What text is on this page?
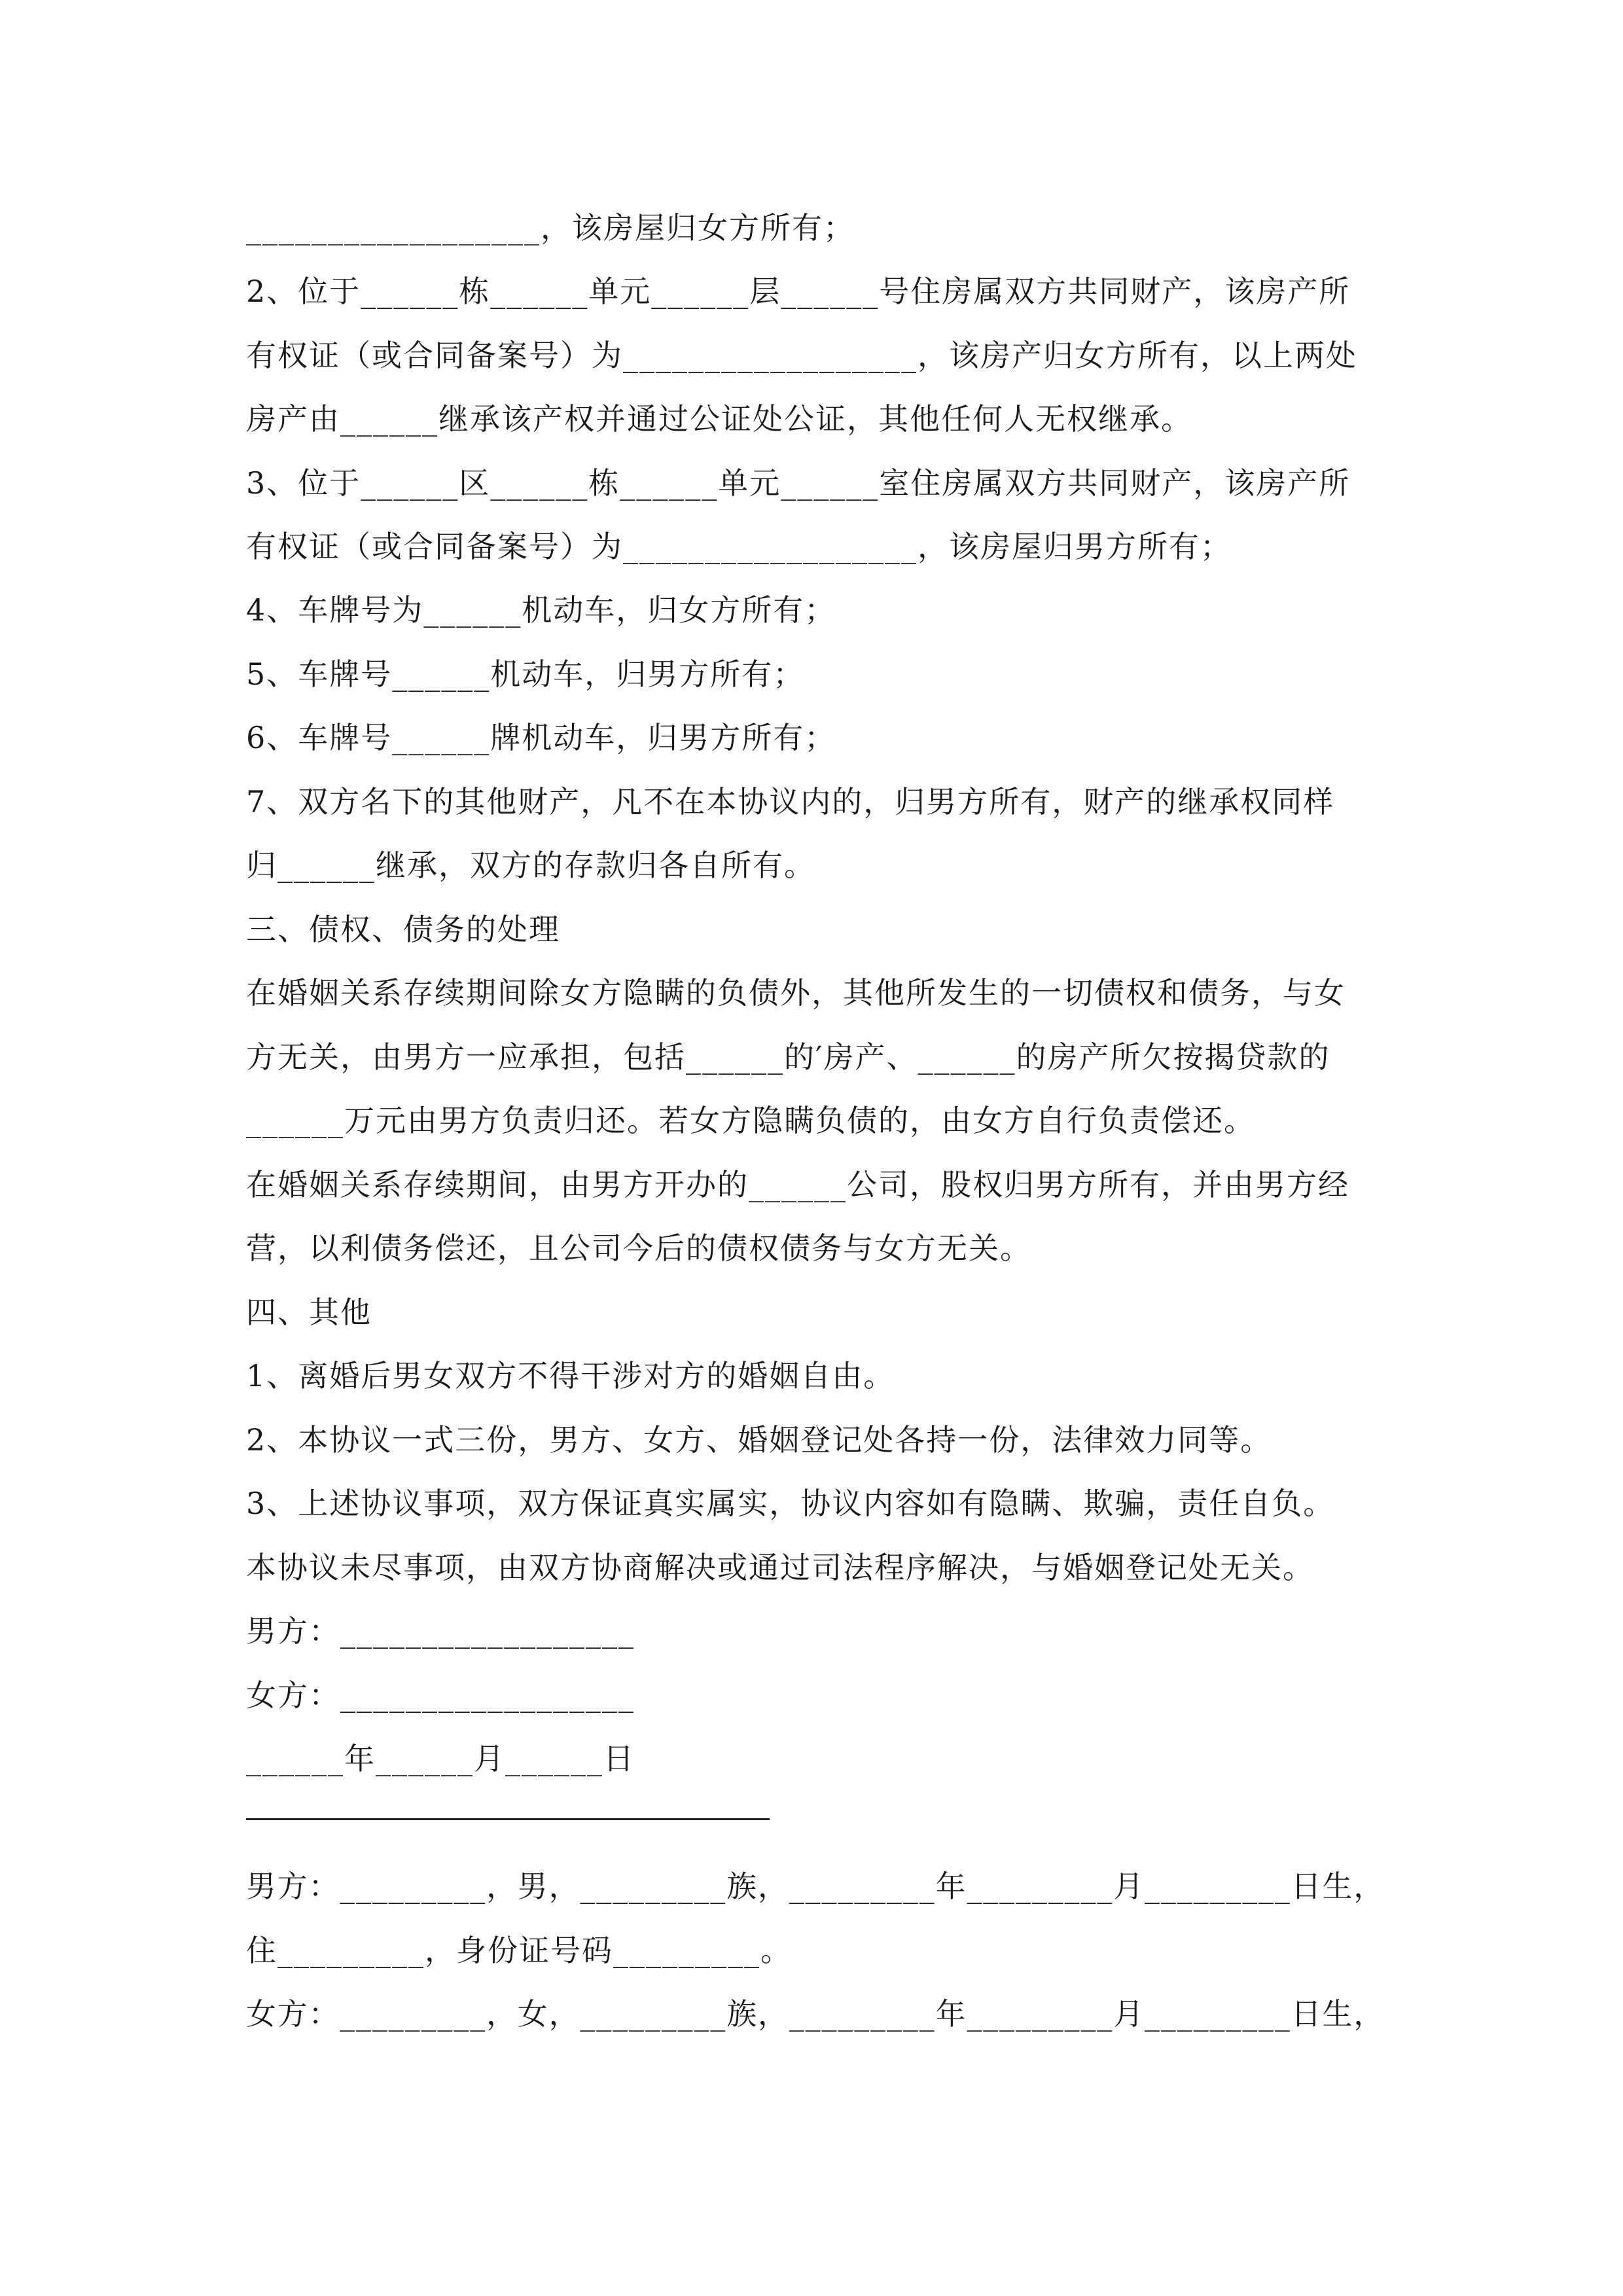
__________________，该房屋归女方所有；
2、位于______栋______单元______层______号住房属双方共同财产，该房产所
有权证（或合同备案号）为__________________，该房产归女方所有，以上两处
房产由______继承该产权并通过公证处公证，其他任何人无权继承。
3、位于______区______栋______单元______室住房属双方共同财产，该房产所
有权证（或合同备案号）为__________________，该房屋归男方所有；
4、车牌号为______机动车，归女方所有；
5、车牌号______机动车，归男方所有；
6、车牌号______牌机动车，归男方所有；
7、双方名下的其他财产，凡不在本协议内的，归男方所有，财产的继承权同样
归______继承，双方的存款归各自所有。
三、债权、债务的处理
在婚姻关系存续期间除女方隐瞒的负债外，其他所发生的一切债权和债务，与女
方无关，由男方一应承担，包括______的′房产、______的房产所欠按揭贷款的
______万元由男方负责归还。若女方隐瞒负债的，由女方自行负责偿还。
在婚姻关系存续期间，由男方开办的______公司，股权归男方所有，并由男方经
营，以利债务偿还，且公司今后的债权债务与女方无关。
四、其他
1、离婚后男女双方不得干涉对方的婚姻自由。
2、本协议一式三份，男方、女方、婚姻登记处各持一份，法律效力同等。
3、上述协议事项，双方保证真实属实，协议内容如有隐瞒、欺骗，责任自负。
本协议未尽事项，由双方协商解决或通过司法程序解决，与婚姻登记处无关。
男方：__________________
女方：__________________
______年______月______日
男方：_________，男，_________族，_________年_________月_________日生，
住_________，身份证号码_________。
女方：_________，女，_________族，_________年_________月_________日生，
